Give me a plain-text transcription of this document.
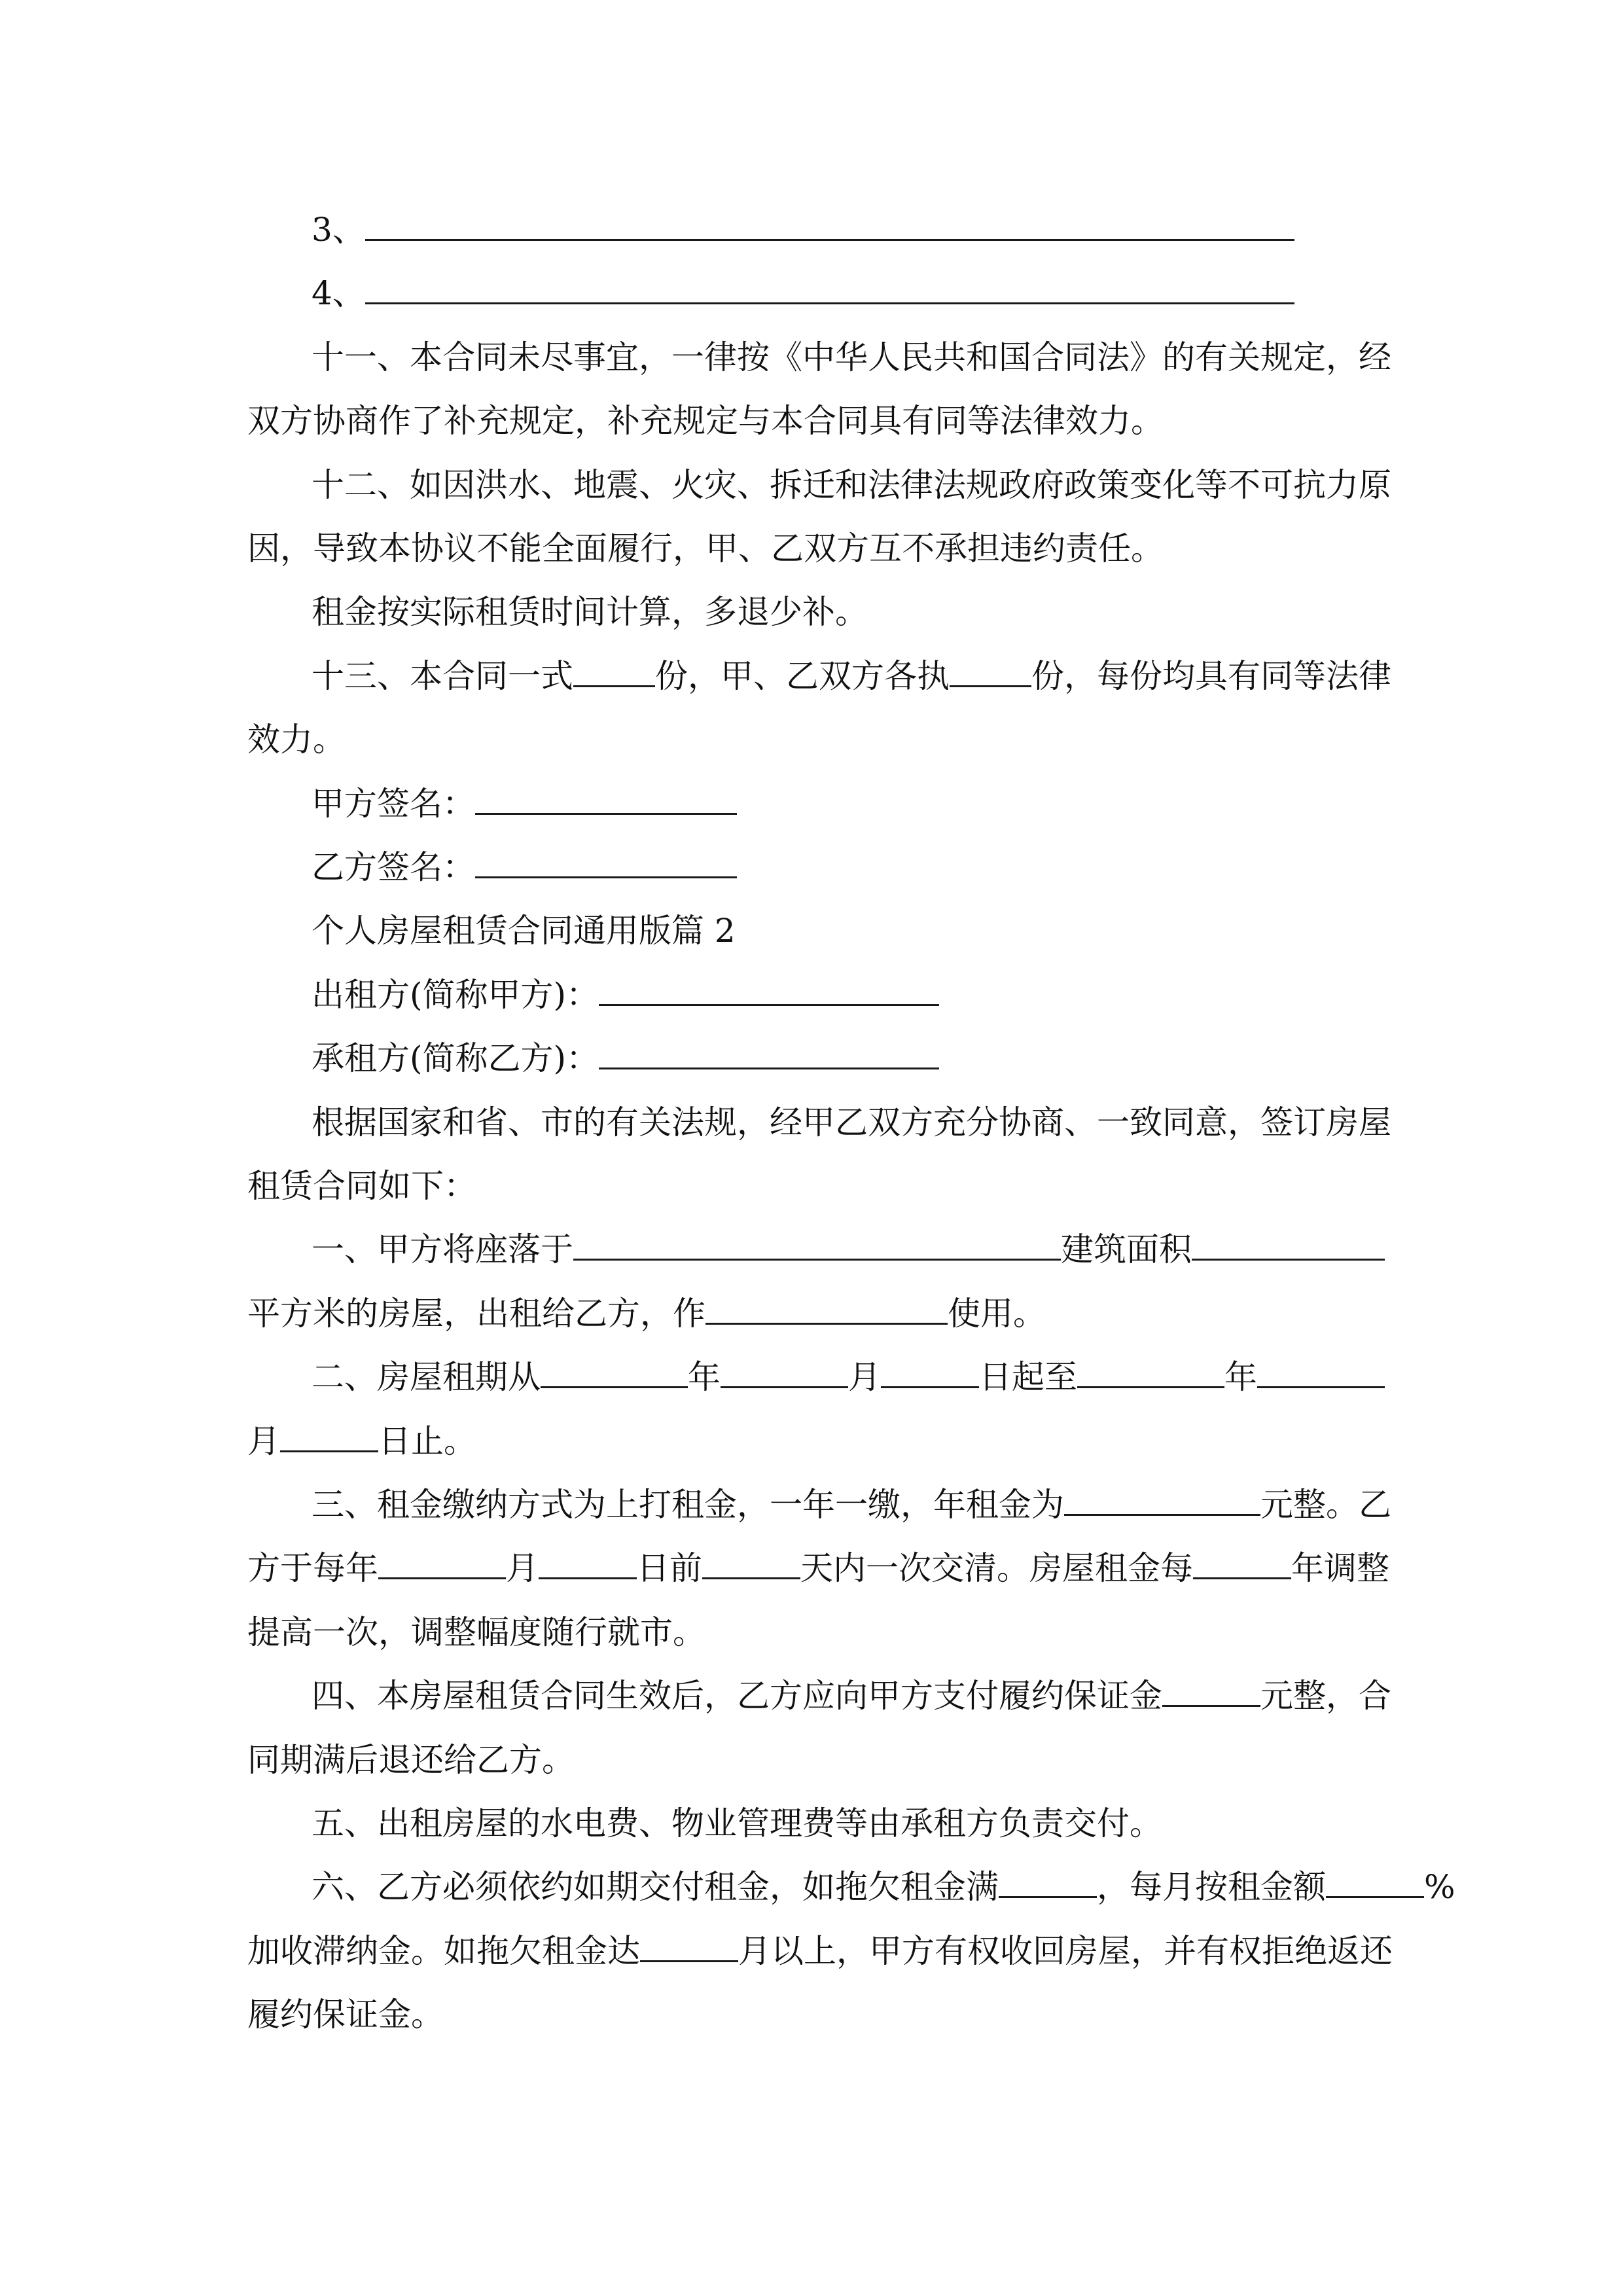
3、
4、
十一、本合同未尽事宜，一律按《中华人民共和国合同法》的有关规定，经
双方协商作了补充规定，补充规定与本合同具有同等法律效力。
十二、如因洪水、地震、火灾、拆迁和法律法规政府政策变化等不可抗力原
因，导致本协议不能全面履行，甲、乙双方互不承担违约责任。
租金按实际租赁时间计算，多退少补。
十三、本合同一式	份，甲、乙双方各执	份，每份均具有同等法律
效力。
甲方签名：
乙方签名：
个人房屋租赁合同通用版篇 2
出租方(简称甲方)：
承租方(简称乙方)：
根据国家和省、市的有关法规，经甲乙双方充分协商、一致同意，签订房屋
租赁合同如下：
一、甲方将座落于	建筑面积
平方米的房屋，出租给乙方，作	使用。
二、房屋租期从	年	月	日起至	年
月	日止。
三、租金缴纳方式为上打租金，一年一缴，年租金为	元整。乙
方于每年	月	日前	天内一次交清。房屋租金每	年调整
提高一次，调整幅度随行就市。
四、本房屋租赁合同生效后，乙方应向甲方支付履约保证金	元整，合
同期满后退还给乙方。
五、出租房屋的水电费、物业管理费等由承租方负责交付。
六、乙方必须依约如期交付租金，如拖欠租金满	，每月按租金额	%
加收滞纳金。如拖欠租金达	月以上，甲方有权收回房屋，并有权拒绝返还
履约保证金。
